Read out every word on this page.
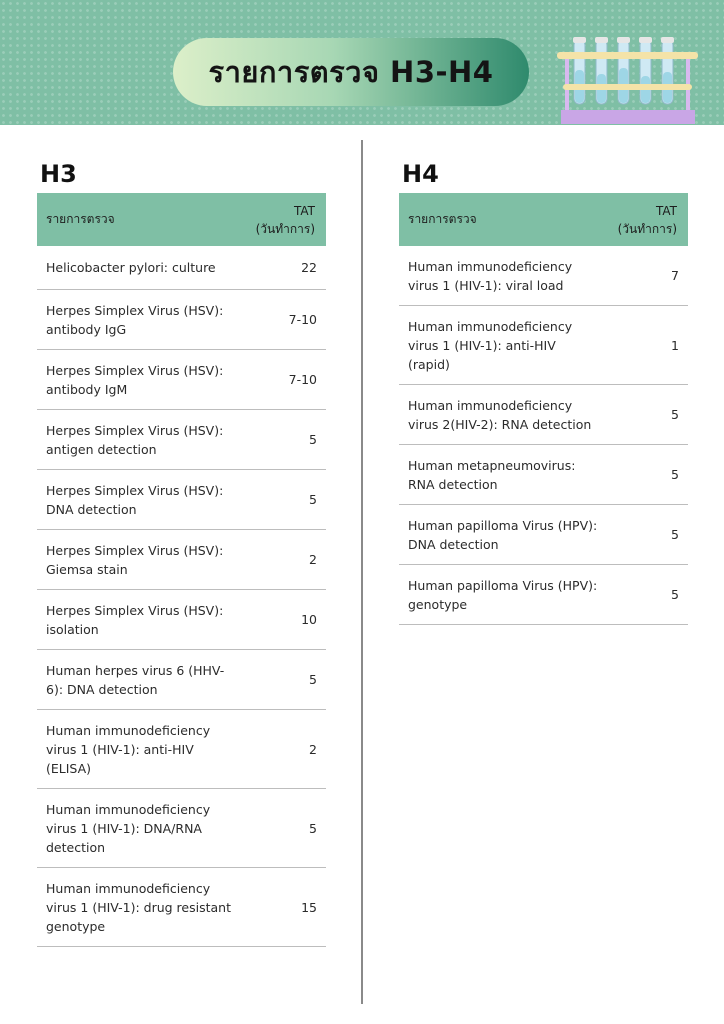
รายการตรวจ H3-H4
H3
รายการตรวจ
TAT
(วันทำการ)
Helicobacter pylori: culture	22
Herpes Simplex Virus (HSV): antibody IgG
7-10
Herpes Simplex Virus (HSV): antibody IgM
7-10
Herpes Simplex Virus (HSV): antigen detection
5
Herpes Simplex Virus (HSV): DNA detection
5
Herpes Simplex Virus (HSV): Giemsa stain
2
Herpes Simplex Virus (HSV): isolation
10
Human herpes virus 6 (HHV-6): DNA detection
5
Human immunodeficiency virus 1 (HIV-1): anti-HIV (ELISA)
2
Human immunodeficiency virus 1 (HIV-1): DNA/RNA detection
5
Human immunodeficiency virus 1 (HIV-1): drug resistant genotype
15
H4
รายการตรวจ
TAT
(วันทำการ)
Human immunodeficiency virus 1 (HIV-1): viral load
7
Human immunodeficiency virus 1 (HIV-1): anti-HIV (rapid)
1
Human immunodeficiency virus 2(HIV-2): RNA detection
5
Human metapneumovirus: RNA detection
5
Human papilloma Virus (HPV): DNA detection
5
Human papilloma Virus (HPV): genotype
5
